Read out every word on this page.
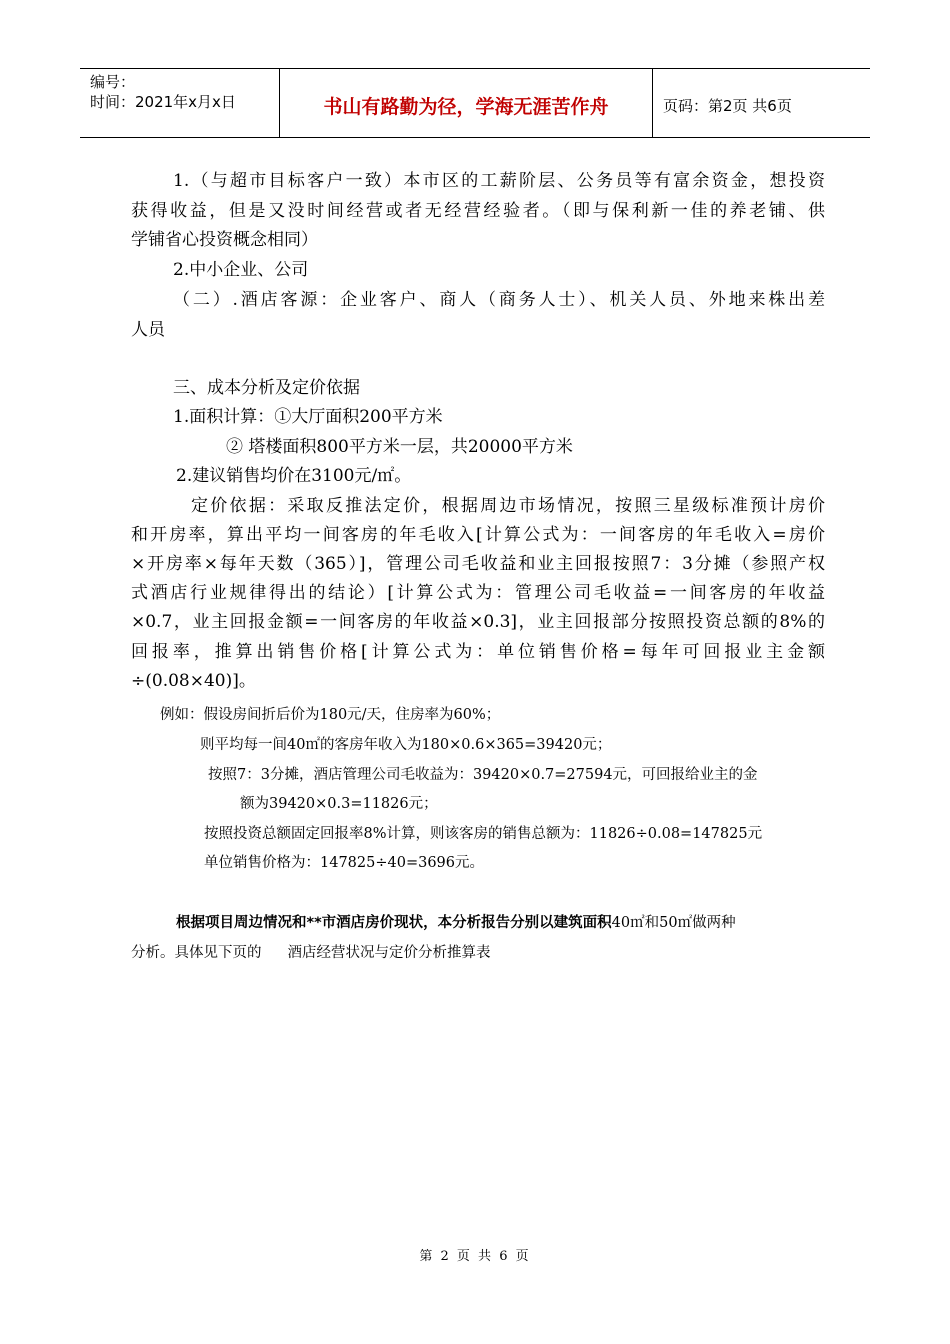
编号：
时间：2021年x月x日	书山有路勤为径，学海无涯苦作舟	页码：第2页 共6页
1.（与超市目标客户一致）本市区的工薪阶层、公务员等有富余资金，想投资
获得收益，但是又没时间经营或者无经营经验者。（即与保利新一佳的养老铺、供
学铺省心投资概念相同）
2.中小企业、公司
（二）.酒店客源：企业客户、商人（商务人士）、机关人员、外地来株出差
人员
三、成本分析及定价依据
1.面积计算：①大厅面积200平方米
② 塔楼面积800平方米一层，共20000平方米
2.建议销售均价在3100元/㎡。
定价依据：采取反推法定价，根据周边市场情况，按照三星级标准预计房价
和开房率，算出平均一间客房的年毛收入[计算公式为：一间客房的年毛收入=房价
×开房率×每年天数（365）]，管理公司毛收益和业主回报按照7：3分摊（参照产权
式酒店行业规律得出的结论）[计算公式为：管理公司毛收益=一间客房的年收益
×0.7，业主回报金额=一间客房的年收益×0.3]，业主回报部分按照投资总额的8%的
回报率，推算出销售价格[计算公式为：单位销售价格=每年可回报业主金额
÷(0.08×40)]。
例如：假设房间折后价为180元/天，住房率为60%；
则平均每一间40㎡的客房年收入为180×0.6×365=39420元；
按照7：3分摊，酒店管理公司毛收益为：39420×0.7=27594元，可回报给业主的金
额为39420×0.3=11826元；
按照投资总额固定回报率8%计算，则该客房的销售总额为：11826÷0.08=147825元
单位销售价格为：147825÷40=3696元。
根据项目周边情况和**市酒店房价现状，本分析报告分别以建筑面积40㎡和50㎡做两种
分析。具体见下页的 酒店经营状况与定价分析推算表
第 2 页 共 6 页
